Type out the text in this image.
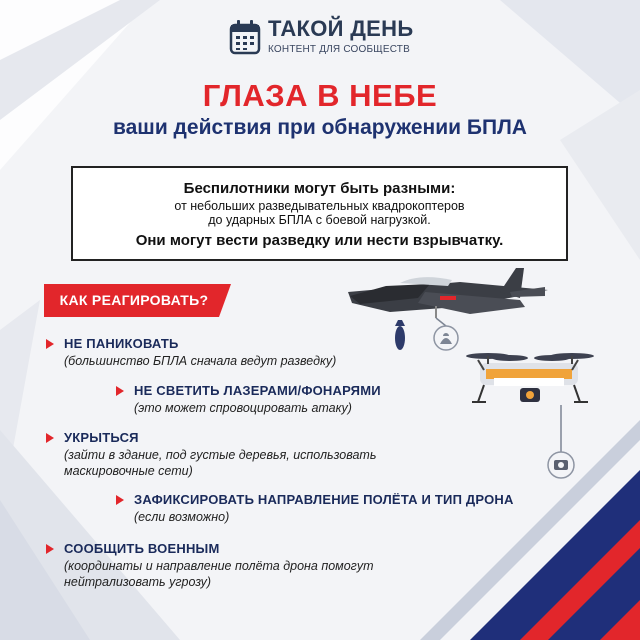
ТАКОЙ ДЕНЬ
КОНТЕНТ ДЛЯ СООБЩЕСТВ
ГЛАЗА В НЕБЕ
ваши действия при обнаружении БПЛА
Беспилотники могут быть разными:
от небольших разведывательных квадрокоптеров
до ударных БПЛА с боевой нагрузкой.
Они могут вести разведку или нести взрывчатку.
КАК РЕАГИРОВАТЬ?
НЕ ПАНИКОВАТЬ
(большинство БПЛА сначала ведут разведку)
НЕ СВЕТИТЬ ЛАЗЕРАМИ/ФОНАРЯМИ
(это может спровоцировать атаку)
УКРЫТЬСЯ
(зайти в здание, под густые деревья, использовать
маскировочные сети)
ЗАФИКСИРОВАТЬ НАПРАВЛЕНИЕ ПОЛЁТА И ТИП ДРОНА
(если возможно)
СООБЩИТЬ ВОЕННЫМ
(координаты и направление полёта дрона помогут
нейтрализовать угрозу)
